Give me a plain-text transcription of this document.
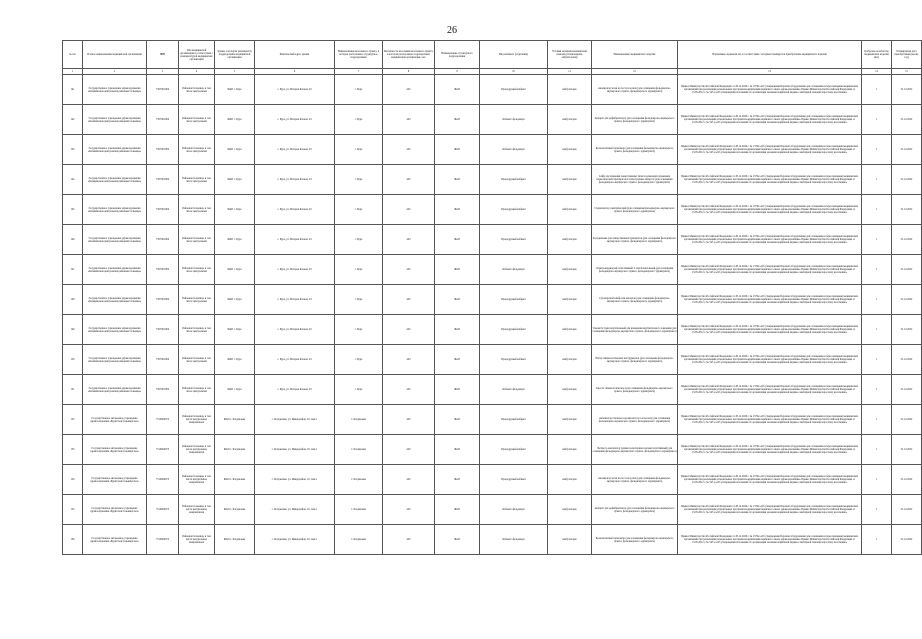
26
№ п/п	Полное наименование медицинской организации	ИНН	Тип медицинской организации в соответствии с номенклатурой медицинских организаций	Здание, в котором размещается подразделение медицинской организации	Фактический адрес здания	Наименование населенного пункта, в котором расположено структурное подразделение	Численность населения населенного пункта, в котором расположено подразделение медицинской организации, чел.	Наименование структурного подразделения	Вид кабинета (отделения)	Условия оказания медицинской помощи (стационарная, амбулаторная)	Наименование медицинского изделия	Нормативно-правовой акт, в соответствии с которым планируется приобретение медицинского изделия	Требуемое количество медицинских изделий (шт.)	Планируемая дата приобретения (месяц, год)
1	2	3	4	5	6	7	8	9	10	11	12	13	14	15
141	Государственное учреждение здравоохранения «Калининская центральная районная больница»	7507001004	Районная больница, в том числе центральная	ФАП с. Бура	с. Бура, ул. Ветеран Клоков, 43	с. Бура	443	ФАП	Процедурный кабинет	Амбулаторно	Анализатор мочи на тест-полосках (для оснащения фельдшерско-акушерского пункта, фельдшерского здравпункта)	Приказ Министерства Российской Федерации от 28.12.2020 г. № 1379н «Об утверждении Перечня оборудования для оснащения и переоснащения медицинских организаций при реализации региональных программ модернизации первичного звена здравоохранения» Приказ Министерства Российской Федерации от 15.05.2012 г. № 543 н «Об утверждении положения об организации оказания первичной медико-санитарной помощи взрослому населению»	1	31.12.2022
142	Государственное учреждение здравоохранения «Калининская центральная районная больница»	7507001004	Районная больница, в том числе центральная	ФАП с. Бура	с. Бура, ул. Ветеран Клоков, 43	с. Бура	443	ФАП	Кабинет фельдшера	Амбулаторно	Аппарат для дефибриллятор (для оснащения фельдшерско-акушерского пункта, фельдшерского здравпункта)	Приказ Министерства Российской Федерации от 28.12.2020 г. № 1379н «Об утверждении Перечня оборудования для оснащения и переоснащения медицинских организаций при реализации региональных программ модернизации первичного звена здравоохранения» Приказ Министерства Российской Федерации от 15.05.2012 г. № 543 н «Об утверждении положения об организации оказания первичной медико-санитарной помощи взрослому населению»	1	31.12.2022
143	Государственное учреждение здравоохранения «Калининская центральная районная больница»	7507001004	Районная больница, в том числе центральная	ФАП с. Бура	с. Бура, ул. Ветеран Клоков, 43	с. Бура	443	ФАП	Кабинет фельдшера	Амбулаторно	Бесконтактный термометр (для оснащения фельдшерско-акушерского пункта, фельдшерского здравпункта)	Приказ Министерства Российской Федерации от 28.12.2020 г. № 1379н «Об утверждении Перечня оборудования для оснащения и переоснащения медицинских организаций при реализации региональных программ модернизации первичного звена здравоохранения» Приказ Министерства Российской Федерации от 15.05.2012 г. № 543 н «Об утверждении положения об организации оказания первичной медико-санитарной помощи взрослому населению»	1	31.12.2022
144	Государственное учреждение здравоохранения «Калининская центральная районная больница»	7507001004	Районная больница, в том числе центральная	ФАП с. Бура	с. Бура, ул. Ветеран Клоков, 43	с. Бура	443	ФАП	Процедурный кабинет	Амбулаторно	Сейф для хранения лекарственных (или подлежащих хранению) наркотических препаратов и психотропных веществ (для оснащения фельдшерско-акушерского пункта, фельдшерского здравпункта)	Приказ Министерства Российской Федерации от 28.12.2020 г. № 1379н «Об утверждении Перечня оборудования для оснащения и переоснащения медицинских организаций при реализации региональных программ модернизации первичного звена здравоохранения» Приказ Министерства Российской Федерации от 15.05.2012 г. № 543 н «Об утверждении положения об организации оказания первичной медико-санитарной помощи взрослому населению»	1	31.12.2022
145	Государственное учреждение здравоохранения «Калининская центральная районная больница»	7507001004	Районная больница, в том числе центральная	ФАП с. Бура	с. Бура, ул. Ветеран Клоков, 43	с. Бура	443	ФАП	Процедурный кабинет	Амбулаторно	Стерилизатор электрический (для оснащения фельдшерско-акушерского пункта, фельдшерского здравпункта)	Приказ Министерства Российской Федерации от 28.12.2020 г. № 1379н «Об утверждении Перечня оборудования для оснащения и переоснащения медицинских организаций при реализации региональных программ модернизации первичного звена здравоохранения» Приказ Министерства Российской Федерации от 15.05.2012 г. № 543 н «Об утверждении положения об организации оказания первичной медико-санитарной помощи взрослому населению»	1	31.12.2022
146	Государственное учреждение здравоохранения «Калининская центральная районная больница»	7507001004	Районная больница, в том числе центральная	ФАП с. Бура	с. Бура, ул. Ветеран Клоков, 43	с. Бура	443	ФАП	Процедурный кабинет	Амбулаторно	Холодильник для лекарственных препаратов (для оснащения фельдшерско-акушерского пункта, фельдшерского здравпункта)	Приказ Министерства Российской Федерации от 28.12.2020 г. № 1379н «Об утверждении Перечня оборудования для оснащения и переоснащения медицинских организаций при реализации региональных программ модернизации первичного звена здравоохранения» Приказ Министерства Российской Федерации от 15.05.2012 г. № 543 н «Об утверждении положения об организации оказания первичной медико-санитарной помощи взрослому населению»	1	31.12.2022
147	Государственное учреждение здравоохранения «Калининская центральная районная больница»	7507001004	Районная больница, в том числе центральная	ФАП с. Бура	с. Бура, ул. Ветеран Клоков, 43	с. Бура	443	ФАП	Кабинет фельдшера	Амбулаторно	Электрокардиограф портативный 3- или 6-канальный (для оснащения фельдшерско-акушерского пункта, фельдшерского здравпункта)	Приказ Министерства Российской Федерации от 28.12.2020 г. № 1379н «Об утверждении Перечня оборудования для оснащения и переоснащения медицинских организаций при реализации региональных программ модернизации первичного звена здравоохранения» Приказ Министерства Российской Федерации от 15.05.2012 г. № 543 н «Об утверждении положения об организации оказания первичной медико-санитарной помощи взрослому населению»	1	31.12.2022
148	Государственное учреждение здравоохранения «Калининская центральная районная больница»	7507001004	Районная больница, в том числе центральная	ФАП с. Бура	с. Бура, ул. Ветеран Клоков, 43	с. Бура	443	ФАП	Процедурный кабинет	Амбулаторно	Сухожаровой шкаф или автоклав (для оснащения фельдшерско-акушерского пункта, фельдшерского здравпункта)	Приказ Министерства Российской Федерации от 28.12.2020 г. № 1379н «Об утверждении Перечня оборудования для оснащения и переоснащения медицинских организаций при реализации региональных программ модернизации первичного звена здравоохранения» Приказ Министерства Российской Федерации от 15.05.2012 г. № 543 н «Об утверждении положения об организации оказания первичной медико-санитарной помощи взрослому населению»	1	31.12.2022
149	Государственное учреждение здравоохранения «Калининская центральная районная больница»	7507001004	Районная больница, в том числе центральная	ФАП с. Бура	с. Бура, ул. Ветеран Клоков, 43	с. Бура	443	ФАП	Процедурный кабинет	Амбулаторно	Тонометр транспортабельный для измерения внутриглазного давления (для оснащения фельдшерско-акушерского пункта, фельдшерского здравпункта)	Приказ Министерства Российской Федерации от 28.12.2020 г. № 1379н «Об утверждении Перечня оборудования для оснащения и переоснащения медицинских организаций при реализации региональных программ модернизации первичного звена здравоохранения» Приказ Министерства Российской Федерации от 15.05.2012 г. № 543 н «Об утверждении положения об организации оказания первичной медико-санитарной помощи взрослому населению»	1	31.12.2022
150	Государственное учреждение здравоохранения «Калининская центральная районная больница»	7507001004	Районная больница, в том числе центральная	ФАП с. Бура	с. Бура, ул. Ветеран Клоков, 43	с. Бура	443	ФАП	Процедурный кабинет	Амбулаторно	Набор гинекологических инструментов (для оснащения фельдшерско-акушерского пункта, фельдшерского здравпункта)	Приказ Министерства Российской Федерации от 28.12.2020 г. № 1379н «Об утверждении Перечня оборудования для оснащения и переоснащения медицинских организаций при реализации региональных программ модернизации первичного звена здравоохранения» Приказ Министерства Российской Федерации от 15.05.2012 г. № 543 н «Об утверждении положения об организации оказания первичной медико-санитарной помощи взрослому населению»	1	31.12.2022
151	Государственное учреждение здравоохранения «Калининская центральная районная больница»	7507001004	Районная больница, в том числе центральная	ФАП с. Бура	с. Бура, ул. Ветеран Клоков, 43	с. Бура	443	ФАП	Кабинет фельдшера	Амбулаторно	Кресло гинекологическое (для оснащения фельдшерско-акушерского пункта, фельдшерского здравпункта)	Приказ Министерства Российской Федерации от 28.12.2020 г. № 1379н «Об утверждении Перечня оборудования для оснащения и переоснащения медицинских организаций при реализации региональных программ модернизации первичного звена здравоохранения» Приказ Министерства Российской Федерации от 15.05.2012 г. № 543 н «Об утверждении положения об организации оказания первичной медико-санитарной помощи взрослому населению»	1	31.12.2022
152	Государственное автономное учреждение здравоохранения «Бурятская больница №4»	7510004973	Районная больница, в том числе центральная, межрайонная	ФАП с. Богдановка	с. Богдановка, ул. Микрорайон, 10, пом.1	с. Богдановка	420	ФАП	Процедурный кабинет	Амбулаторно	Анализатор глюкозы в крови или тест-полосках (для оснащения фельдшерско-акушерского пункта, фельдшерского здравпункта)	Приказ Министерства Российской Федерации от 28.12.2020 г. № 1379н «Об утверждении Перечня оборудования для оснащения и переоснащения медицинских организаций при реализации региональных программ модернизации первичного звена здравоохранения» Приказ Министерства Российской Федерации от 15.05.2012 г. № 543 н «Об утверждении положения об организации оказания первичной медико-санитарной помощи взрослому населению»	1	31.12.2022
153	Государственное автономное учреждение здравоохранения «Бурятская больница №4»	7510004973	Районная больница, в том числе центральная, межрайонная	ФАП с. Богдановка	с. Богдановка, ул. Микрорайон, 10, пом.1	с. Богдановка	420	ФАП	Процедурный кабинет	Амбулаторно	Экспресс-анализатор уровня холестерина в крови портативный (для оснащения фельдшерско-акушерского пункта, фельдшерского здравпункта)	Приказ Министерства Российской Федерации от 28.12.2020 г. № 1379н «Об утверждении Перечня оборудования для оснащения и переоснащения медицинских организаций при реализации региональных программ модернизации первичного звена здравоохранения» Приказ Министерства Российской Федерации от 15.05.2012 г. № 543 н «Об утверждении положения об организации оказания первичной медико-санитарной помощи взрослому населению»	1	31.12.2022
154	Государственное автономное учреждение здравоохранения «Бурятская больница №4»	7510004973	Районная больница, в том числе центральная, межрайонная	ФАП с. Богдановка	с. Богдановка, ул. Микрорайон, 10, пом.1	с. Богдановка	420	ФАП	Процедурный кабинет	Амбулаторно	Анализатор мочи на тест-полосках (для оснащения фельдшерско-акушерского пункта, фельдшерского здравпункта)	Приказ Министерства Российской Федерации от 28.12.2020 г. № 1379н «Об утверждении Перечня оборудования для оснащения и переоснащения медицинских организаций при реализации региональных программ модернизации первичного звена здравоохранения» Приказ Министерства Российской Федерации от 15.05.2012 г. № 543 н «Об утверждении положения об организации оказания первичной медико-санитарной помощи взрослому населению»	1	31.12.2022
155	Государственное автономное учреждение здравоохранения «Бурятская больница №4»	7510004973	Районная больница, в том числе центральная, межрайонная	ФАП с. Богдановка	с. Богдановка, ул. Микрорайон, 10, пом.1	с. Богдановка	420	ФАП	Кабинет фельдшера	Амбулаторно	Аппарат для дефибриллятор (для оснащения фельдшерско-акушерского пункта, фельдшерского здравпункта)	Приказ Министерства Российской Федерации от 28.12.2020 г. № 1379н «Об утверждении Перечня оборудования для оснащения и переоснащения медицинских организаций при реализации региональных программ модернизации первичного звена здравоохранения» Приказ Министерства Российской Федерации от 15.05.2012 г. № 543 н «Об утверждении положения об организации оказания первичной медико-санитарной помощи взрослому населению»	1	31.12.2022
156	Государственное автономное учреждение здравоохранения «Бурятская больница №4»	7510004973	Районная больница, в том числе центральная, межрайонная	ФАП с. Богдановка	с. Богдановка, ул. Микрорайон, 10, пом.1	с. Богдановка	420	ФАП	Кабинет фельдшера	Амбулаторно	Бесконтактный термометр (для оснащения фельдшерско-акушерского пункта, фельдшерского здравпункта)	Приказ Министерства Российской Федерации от 28.12.2020 г. № 1379н «Об утверждении Перечня оборудования для оснащения и переоснащения медицинских организаций при реализации региональных программ модернизации первичного звена здравоохранения» Приказ Министерства Российской Федерации от 15.05.2012 г. № 543 н «Об утверждении положения об организации оказания первичной медико-санитарной помощи взрослому населению»	1	31.12.2022
